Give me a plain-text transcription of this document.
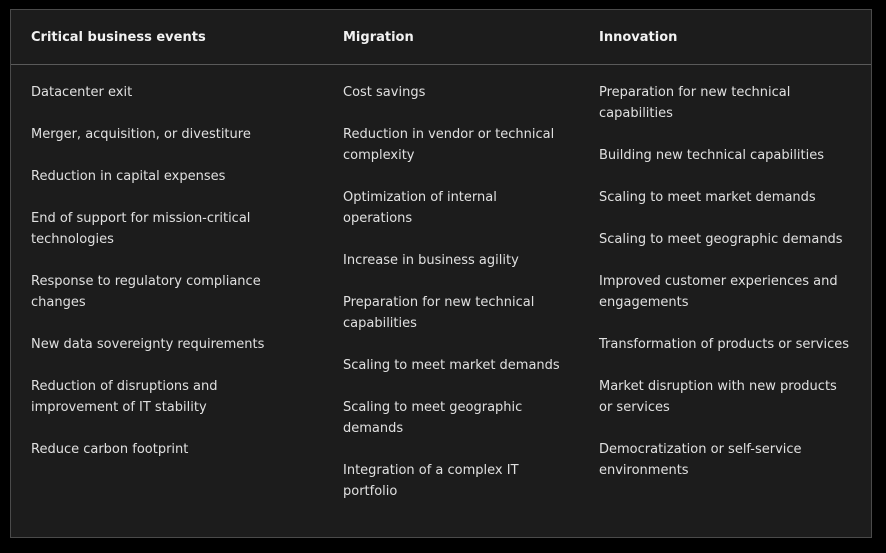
Critical business events	Migration	Innovation

Datacenter exit

Merger, acquisition, or divestiture

Reduction in capital expenses

End of support for mission-critical technologies

Response to regulatory compliance changes

New data sovereignty requirements

Reduction of disruptions and improvement of IT stability

Reduce carbon footprint

Cost savings

Reduction in vendor or technical complexity

Optimization of internal operations

Increase in business agility

Preparation for new technical capabilities

Scaling to meet market demands

Scaling to meet geographic demands

Integration of a complex IT portfolio

Preparation for new technical capabilities

Building new technical capabilities

Scaling to meet market demands

Scaling to meet geographic demands

Improved customer experiences and engagements

Transformation of products or services

Market disruption with new products or services

Democratization or self-service environments
